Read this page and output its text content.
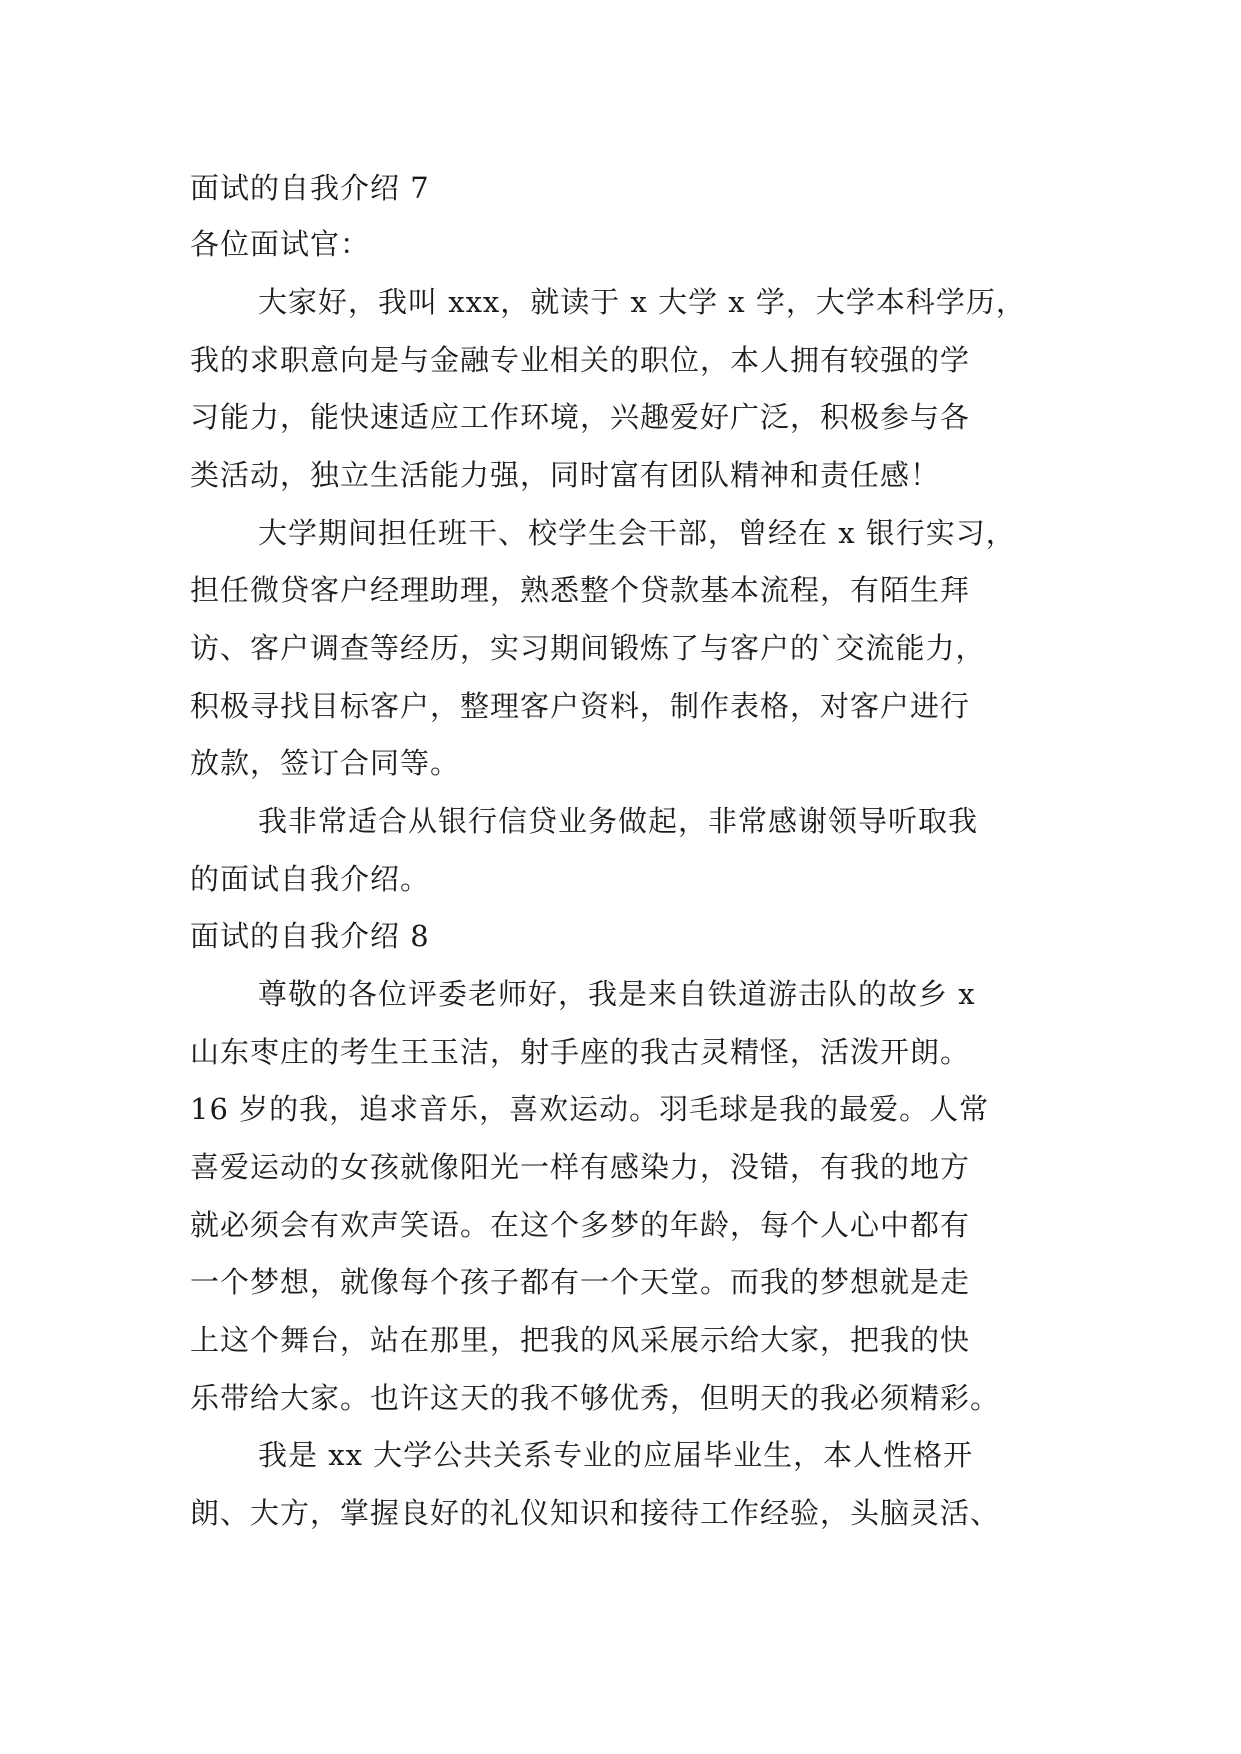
面试的自我介绍 7
各位面试官：
大家好，我叫 xxx，就读于 x 大学 x 学，大学本科学历，
我的求职意向是与金融专业相关的职位，本人拥有较强的学
习能力，能快速适应工作环境，兴趣爱好广泛，积极参与各
类活动，独立生活能力强，同时富有团队精神和责任感！
大学期间担任班干、校学生会干部，曾经在 x 银行实习，
担任微贷客户经理助理，熟悉整个贷款基本流程，有陌生拜
访、客户调查等经历，实习期间锻炼了与客户的`交流能力，
积极寻找目标客户，整理客户资料，制作表格，对客户进行
放款，签订合同等。
我非常适合从银行信贷业务做起，非常感谢领导听取我
的面试自我介绍。
面试的自我介绍 8
尊敬的各位评委老师好，我是来自铁道游击队的故乡 x
山东枣庄的考生王玉洁，射手座的我古灵精怪，活泼开朗。
16 岁的我，追求音乐，喜欢运动。羽毛球是我的最爱。人常
喜爱运动的女孩就像阳光一样有感染力，没错，有我的地方
就必须会有欢声笑语。在这个多梦的年龄，每个人心中都有
一个梦想，就像每个孩子都有一个天堂。而我的梦想就是走
上这个舞台，站在那里，把我的风采展示给大家，把我的快
乐带给大家。也许这天的我不够优秀，但明天的我必须精彩。
我是 xx 大学公共关系专业的应届毕业生，本人性格开
朗、大方，掌握良好的礼仪知识和接待工作经验，头脑灵活、
